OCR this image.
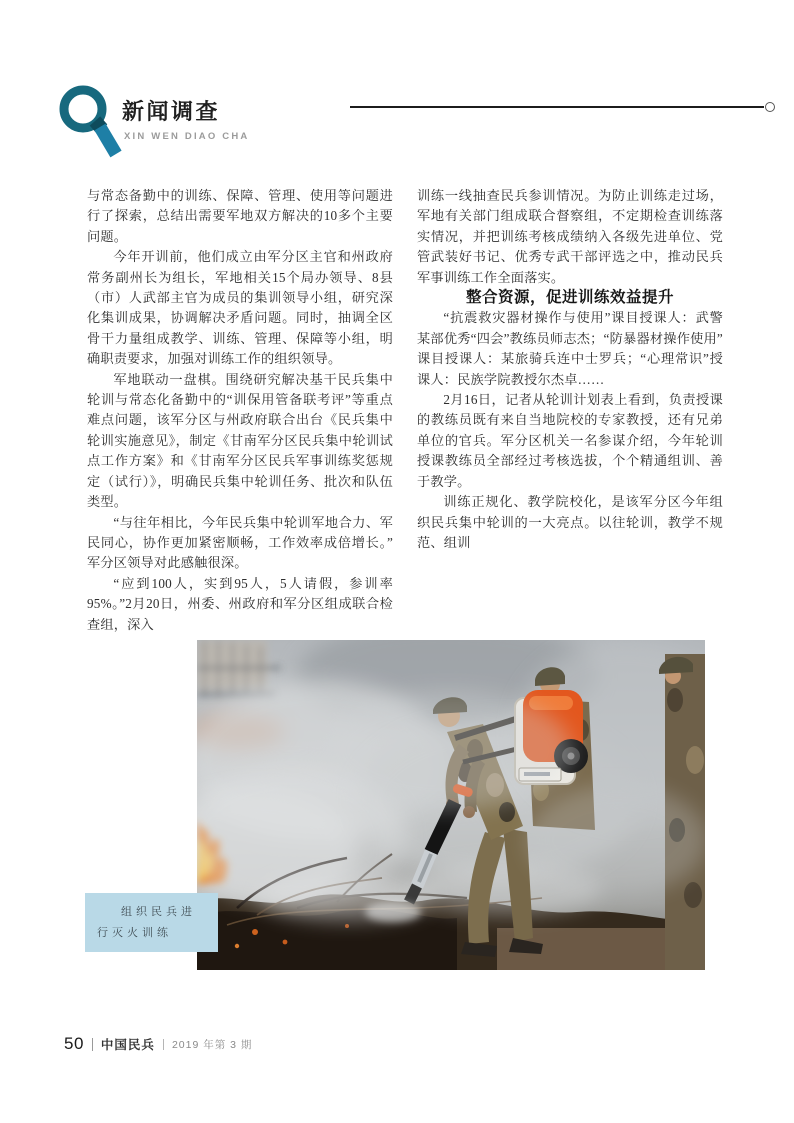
新闻调查
XIN WEN DIAO CHA

与常态备勤中的训练、保障、管理、使用等问题进行了探索，总结出需要军地双方解决的10多个主要问题。

今年开训前，他们成立由军分区主官和州政府常务副州长为组长，军地相关15个局办领导、8县（市）人武部主官为成员的集训领导小组，研究深化集训成果，协调解决矛盾问题。同时，抽调全区骨干力量组成教学、训练、管理、保障等小组，明确职责要求，加强对训练工作的组织领导。

军地联动一盘棋。围绕研究解决基干民兵集中轮训与常态化备勤中的“训保用管备联考评”等重点难点问题，该军分区与州政府联合出台《民兵集中轮训实施意见》，制定《甘南军分区民兵集中轮训试点工作方案》和《甘南军分区民兵军事训练奖惩规定（试行）》，明确民兵集中轮训任务、批次和队伍类型。

“与往年相比，今年民兵集中轮训军地合力、军民同心，协作更加紧密顺畅，工作效率成倍增长。”军分区领导对此感触很深。

“应到100人，实到95人，5人请假，参训率95%。”2月20日，州委、州政府和军分区组成联合检查组，深入

训练一线抽查民兵参训情况。为防止训练走过场，军地有关部门组成联合督察组，不定期检查训练落实情况，并把训练考核成绩纳入各级先进单位、党管武装好书记、优秀专武干部评选之中，推动民兵军事训练工作全面落实。

整合资源，促进训练效益提升

“抗震救灾器材操作与使用”课目授课人：武警某部优秀“四会”教练员师志杰；“防暴器材操作使用”课目授课人：某旅骑兵连中士罗兵；“心理常识”授课人：民族学院教授尔杰卓……

2月16日，记者从轮训计划表上看到，负责授课的教练员既有来自当地院校的专家教授，还有兄弟单位的官兵。军分区机关一名参谋介绍，今年轮训授课教练员全部经过考核选拔，个个精通组训、善于教学。

训练正规化、教学院校化，是该军分区今年组织民兵集中轮训的一大亮点。以往轮训，教学不规范、组训

组织民兵进
行灭火训练
50 中国民兵 2019 年第 3 期
